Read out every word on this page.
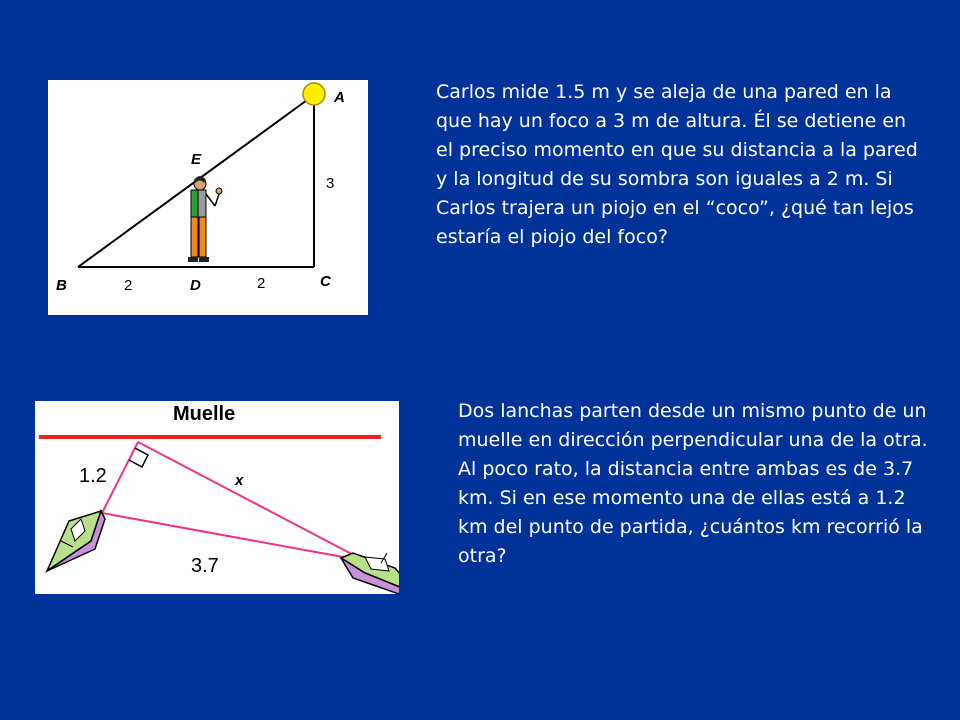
A
E
3
C
B	2	D	2

Carlos mide 1.5 m y se aleja de una pared en la que hay un foco a 3 m de altura. Él se detiene en el preciso momento en que su distancia a la pared y la longitud de su sombra son iguales a 2 m. Si Carlos trajera un piojo en el “coco”, ¿qué tan lejos estaría el piojo del foco?

Muelle
1.2	x
3.7

Dos lanchas parten desde un mismo punto de un muelle en dirección perpendicular una de la otra. Al poco rato, la distancia entre ambas es de 3.7 km. Si en ese momento una de ellas está a 1.2 km del punto de partida, ¿cuántos km recorrió la otra?
